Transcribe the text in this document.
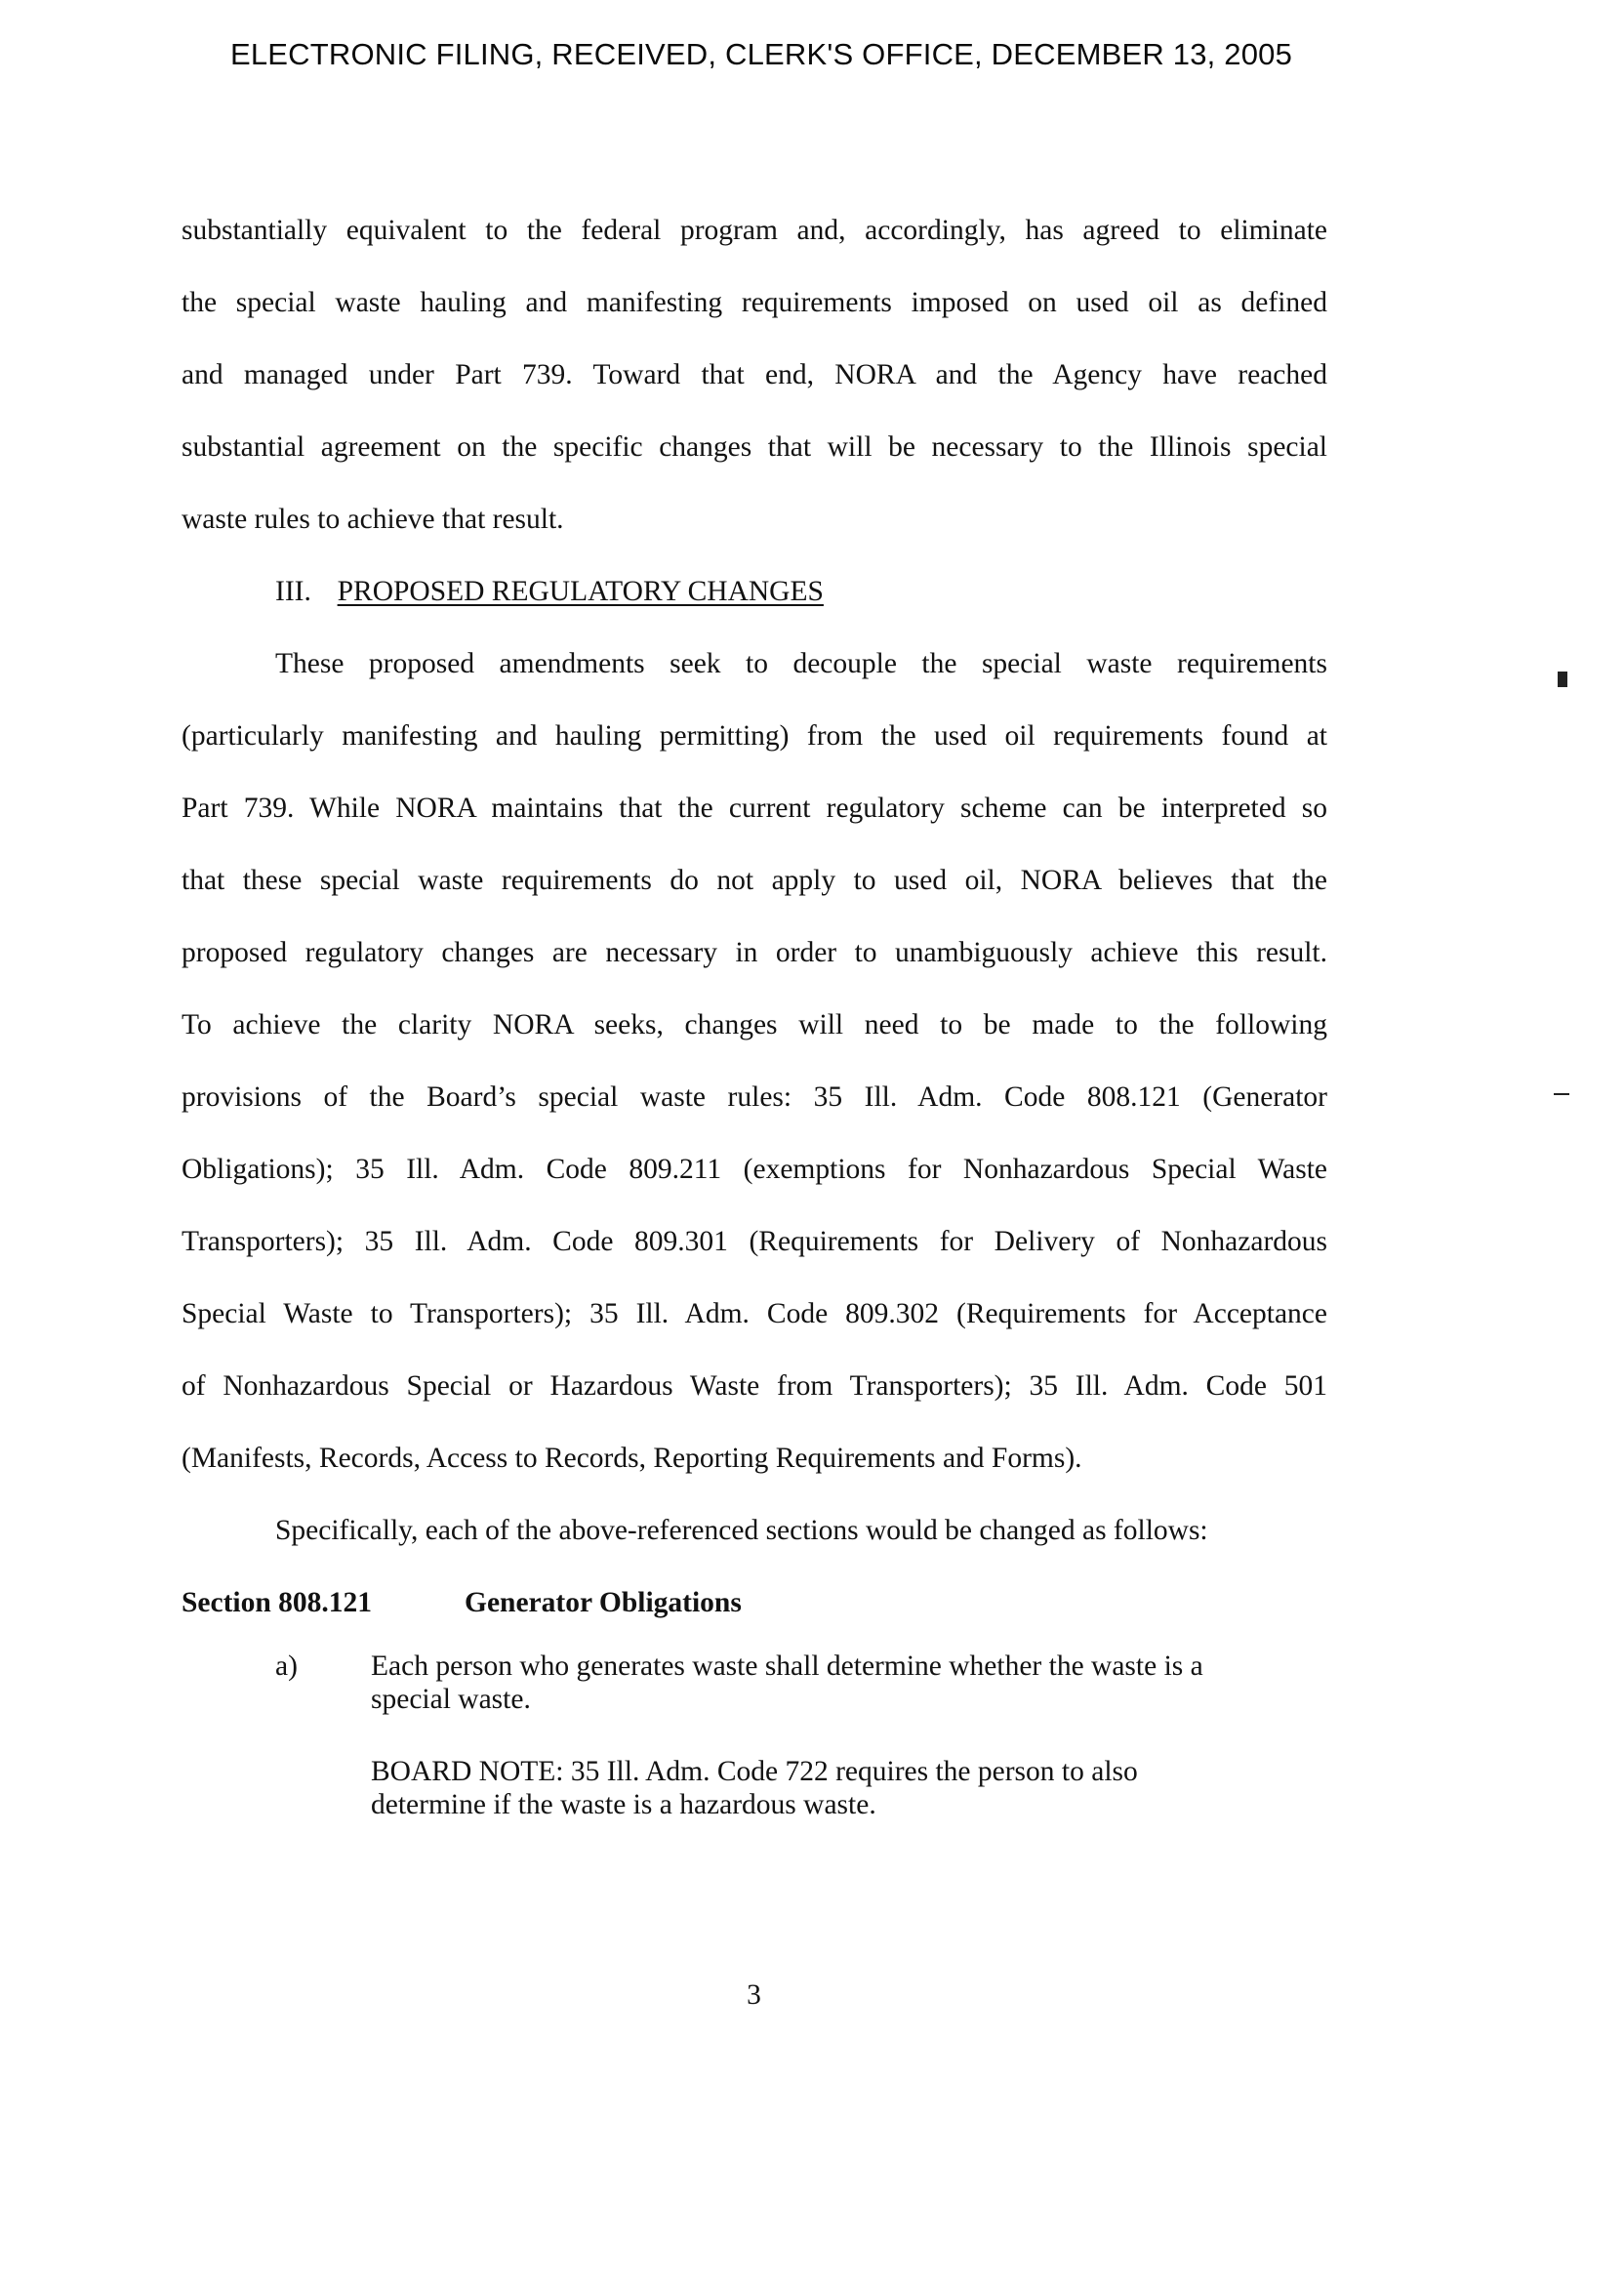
ELECTRONIC FILING, RECEIVED, CLERK'S OFFICE, DECEMBER 13, 2005
substantially equivalent to the federal program and, accordingly, has agreed to eliminate
the special waste hauling and manifesting requirements imposed on used oil as defined
and managed under Part 739. Toward that end, NORA and the Agency have reached
substantial agreement on the specific changes that will be necessary to the Illinois special
waste rules to achieve that result.
III. PROPOSED REGULATORY CHANGES
These proposed amendments seek to decouple the special waste requirements
(particularly manifesting and hauling permitting) from the used oil requirements found at
Part 739. While NORA maintains that the current regulatory scheme can be interpreted so
that these special waste requirements do not apply to used oil, NORA believes that the
proposed regulatory changes are necessary in order to unambiguously achieve this result.
To achieve the clarity NORA seeks, changes will need to be made to the following
provisions of the Board’s special waste rules: 35 Ill. Adm. Code 808.121 (Generator
Obligations); 35 Ill. Adm. Code 809.211 (exemptions for Nonhazardous Special Waste
Transporters); 35 Ill. Adm. Code 809.301 (Requirements for Delivery of Nonhazardous
Special Waste to Transporters); 35 Ill. Adm. Code 809.302 (Requirements for Acceptance
of Nonhazardous Special or Hazardous Waste from Transporters); 35 Ill. Adm. Code 501
(Manifests, Records, Access to Records, Reporting Requirements and Forms).
Specifically, each of the above-referenced sections would be changed as follows:
Section 808.121	Generator Obligations
a)	Each person who generates waste shall determine whether the waste is a
special waste.
BOARD NOTE: 35 Ill. Adm. Code 722 requires the person to also
determine if the waste is a hazardous waste.
3
